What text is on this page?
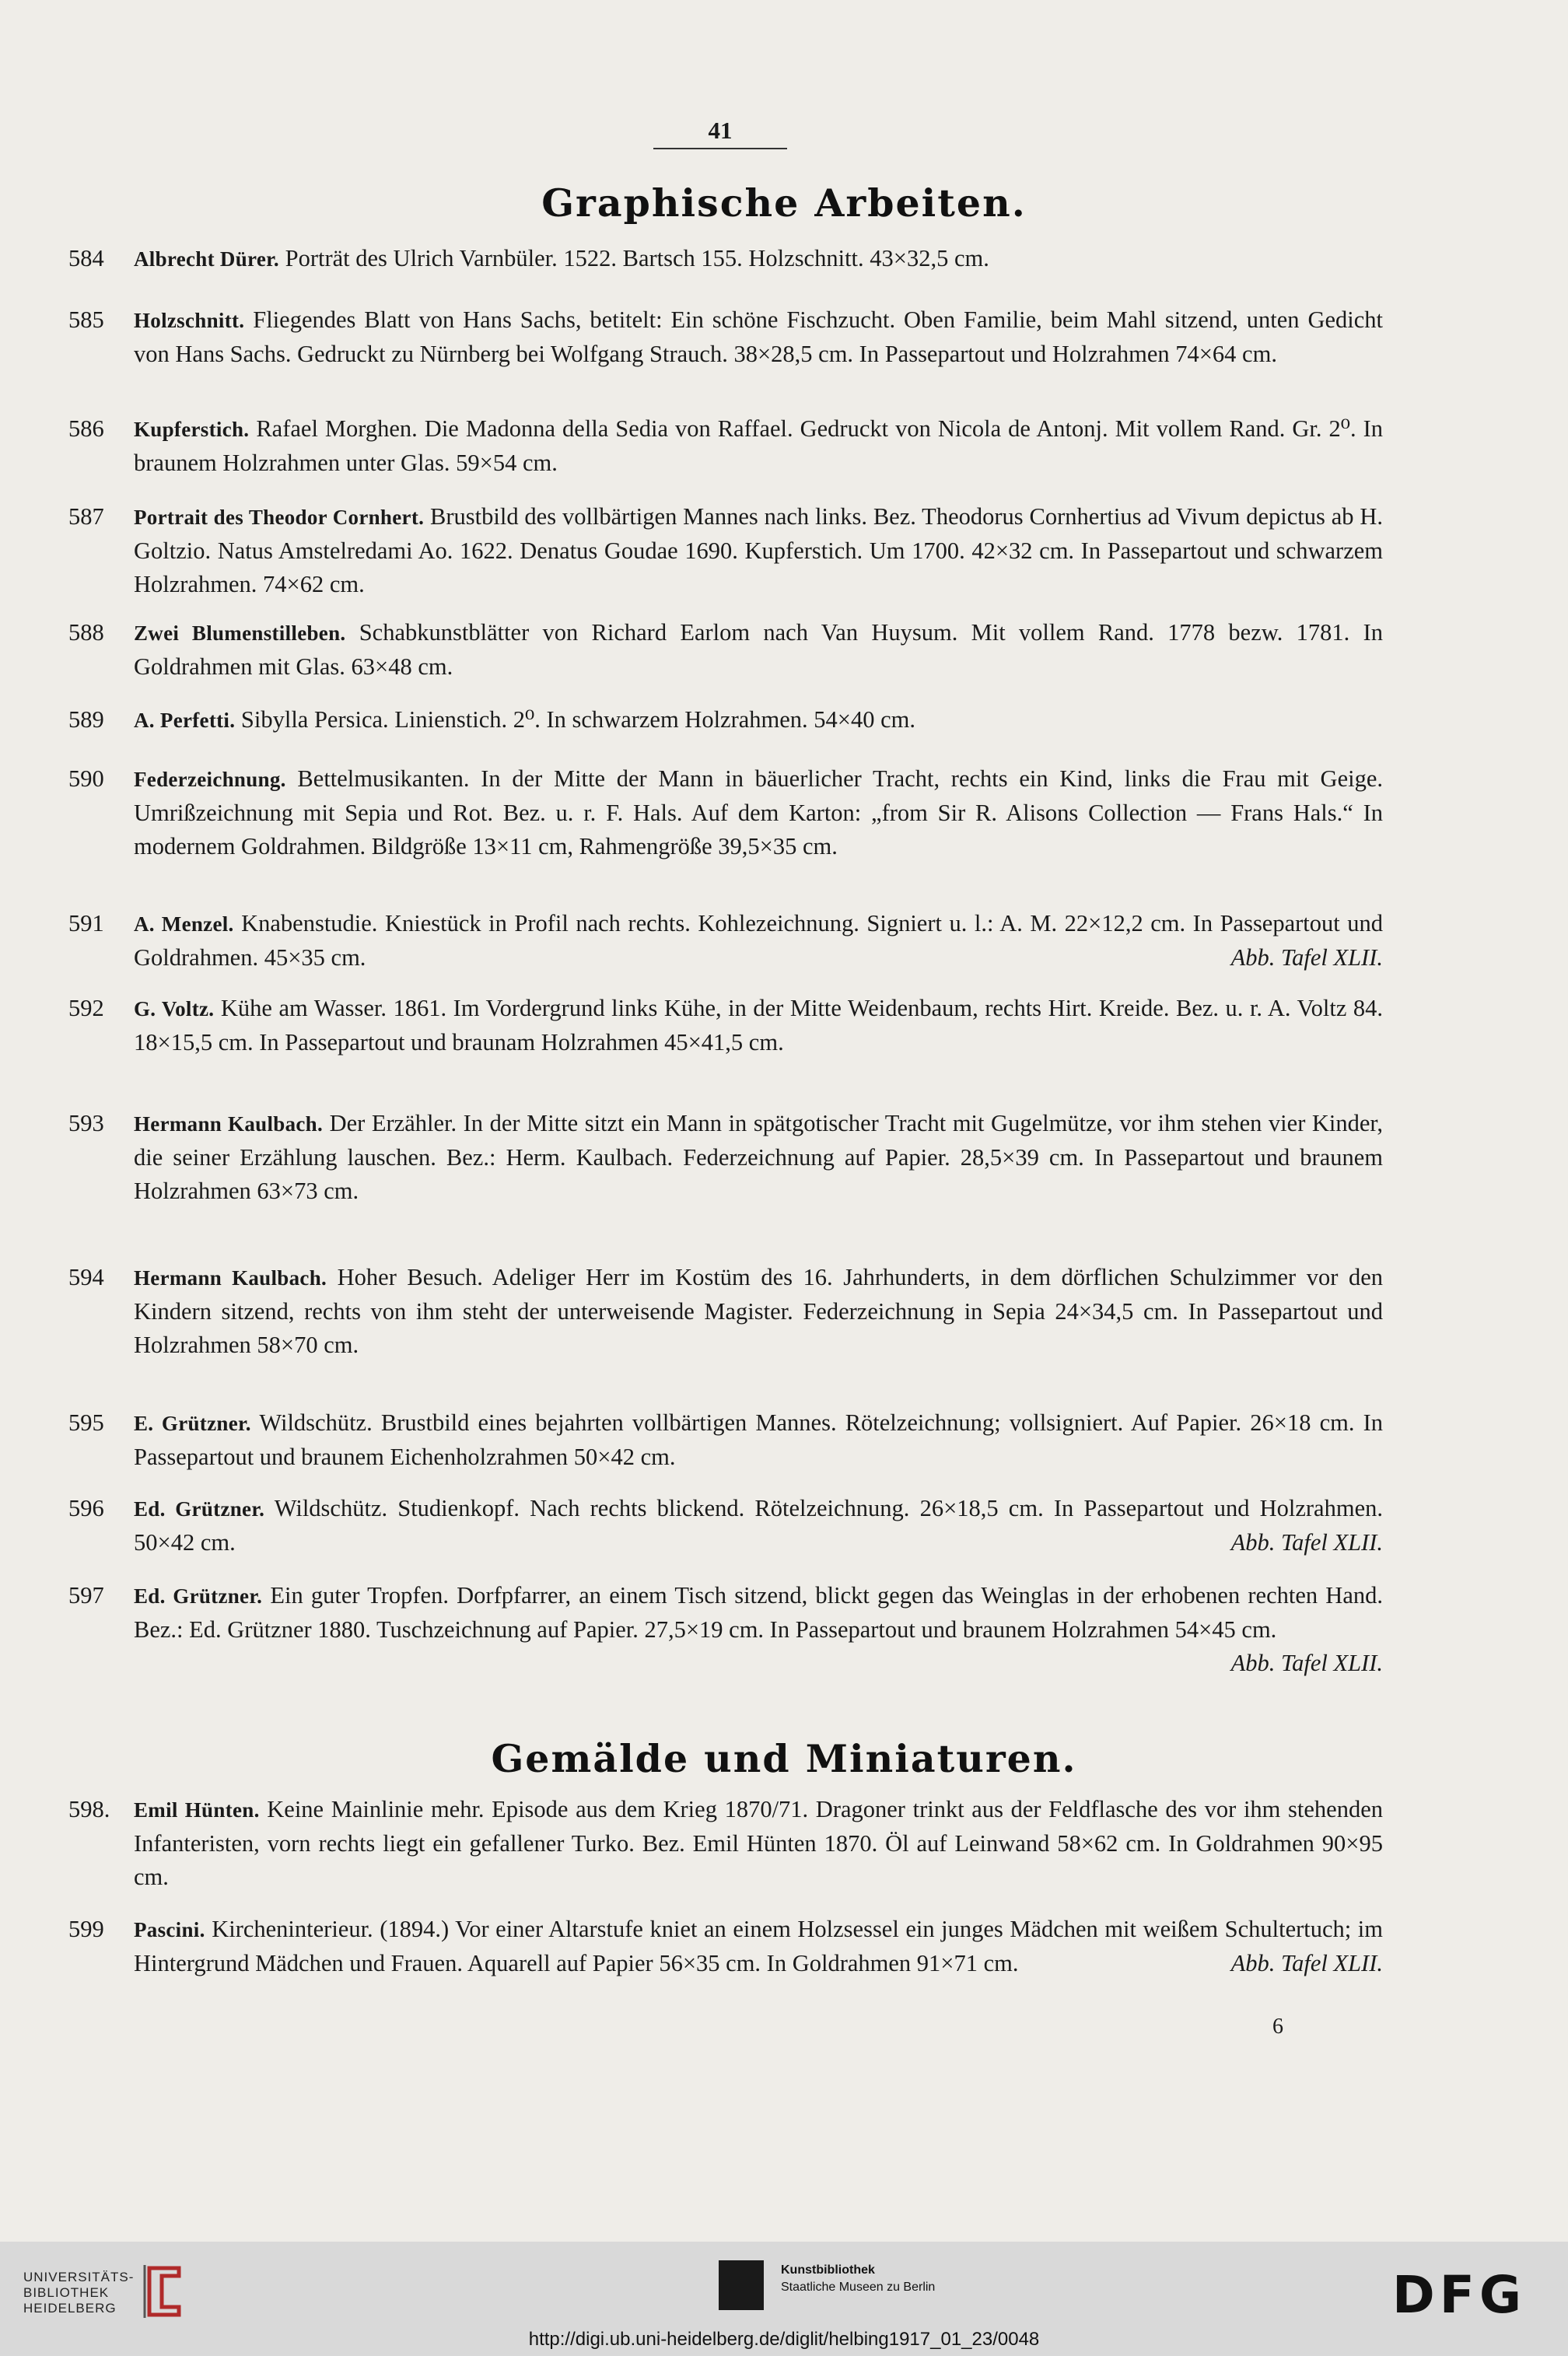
41
Graphische Arbeiten.
584	Albrecht Dürer. Porträt des Ulrich Varnbüler. 1522. Bartsch 155. Holzschnitt. 43×32,5 cm.
585	Holzschnitt. Fliegendes Blatt von Hans Sachs, betitelt: Ein schöne Fischzucht. Oben Familie, beim Mahl sitzend, unten Gedicht von Hans Sachs. Gedruckt zu Nürnberg bei Wolfgang Strauch. 38×28,5 cm. In Passepartout und Holzrahmen 74×64 cm.
586	Kupferstich. Rafael Morghen. Die Madonna della Sedia von Raffael. Gedruckt von Nicola de Antonj. Mit vollem Rand. Gr. 2⁰. In braunem Holzrahmen unter Glas. 59×54 cm.
587	Portrait des Theodor Cornhert. Brustbild des vollbärtigen Mannes nach links. Bez. Theodorus Cornhertius ad Vivum depictus ab H. Goltzio. Natus Amstelredami Ao. 1622. Denatus Goudae 1690. Kupferstich. Um 1700. 42×32 cm. In Passepartout und schwarzem Holzrahmen. 74×62 cm.
588	Zwei Blumenstilleben. Schabkunstblätter von Richard Earlom nach Van Huysum. Mit vollem Rand. 1778 bezw. 1781. In Goldrahmen mit Glas. 63×48 cm.
589	A. Perfetti. Sibylla Persica. Linienstich. 2⁰. In schwarzem Holzrahmen. 54×40 cm.
590	Federzeichnung. Bettelmusikanten. In der Mitte der Mann in bäuerlicher Tracht, rechts ein Kind, links die Frau mit Geige. Umrißzeichnung mit Sepia und Rot. Bez. u. r. F. Hals. Auf dem Karton: „from Sir R. Alisons Collection — Frans Hals.“ In modernem Goldrahmen. Bildgröße 13×11 cm, Rahmengröße 39,5×35 cm.
591	A. Menzel. Knabenstudie. Kniestück in Profil nach rechts. Kohlezeichnung. Signiert u. l.: A. M. 22×12,2 cm. In Passepartout und Goldrahmen. 45×35 cm.	Abb. Tafel XLII.
592	G. Voltz. Kühe am Wasser. 1861. Im Vordergrund links Kühe, in der Mitte Weidenbaum, rechts Hirt. Kreide. Bez. u. r. A. Voltz 84. 18×15,5 cm. In Passepartout und braunam Holzrahmen 45×41,5 cm.
593	Hermann Kaulbach. Der Erzähler. In der Mitte sitzt ein Mann in spätgotischer Tracht mit Gugelmütze, vor ihm stehen vier Kinder, die seiner Erzählung lauschen. Bez.: Herm. Kaulbach. Federzeichnung auf Papier. 28,5×39 cm. In Passepartout und braunem Holzrahmen 63×73 cm.
594	Hermann Kaulbach. Hoher Besuch. Adeliger Herr im Kostüm des 16. Jahrhunderts, in dem dörflichen Schulzimmer vor den Kindern sitzend, rechts von ihm steht der unterweisende Magister. Federzeichnung in Sepia 24×34,5 cm. In Passepartout und Holzrahmen 58×70 cm.
595	E. Grützner. Wildschütz. Brustbild eines bejahrten vollbärtigen Mannes. Rötelzeichnung; vollsigniert. Auf Papier. 26×18 cm. In Passepartout und braunem Eichenholzrahmen 50×42 cm.
596	Ed. Grützner. Wildschütz. Studienkopf. Nach rechts blickend. Rötelzeichnung. 26×18,5 cm. In Passepartout und Holzrahmen. 50×42 cm.	Abb. Tafel XLII.
597	Ed. Grützner. Ein guter Tropfen. Dorfpfarrer, an einem Tisch sitzend, blickt gegen das Weinglas in der erhobenen rechten Hand. Bez.: Ed. Grützner 1880. Tuschzeichnung auf Papier. 27,5×19 cm. In Passepartout und braunem Holzrahmen 54×45 cm.
Abb. Tafel XLII.
Gemälde und Miniaturen.
598.	Emil Hünten. Keine Mainlinie mehr. Episode aus dem Krieg 1870/71. Dragoner trinkt aus der Feldflasche des vor ihm stehenden Infanteristen, vorn rechts liegt ein gefallener Turko. Bez. Emil Hünten 1870. Öl auf Leinwand 58×62 cm. In Goldrahmen 90×95 cm.
599	Pascini. Kircheninterieur. (1894.) Vor einer Altarstufe kniet an einem Holzsessel ein junges Mädchen mit weißem Schultertuch; im Hintergrund Mädchen und Frauen. Aquarell auf Papier 56×35 cm. In Goldrahmen 91×71 cm.	Abb. Tafel XLII.
6
UNIVERSITÄTS-
BIBLIOTHEK
HEIDELBERG
Kunstbibliothek
Staatliche Museen zu Berlin	DFG
http://digi.ub.uni-heidelberg.de/diglit/helbing1917_01_23/0048
